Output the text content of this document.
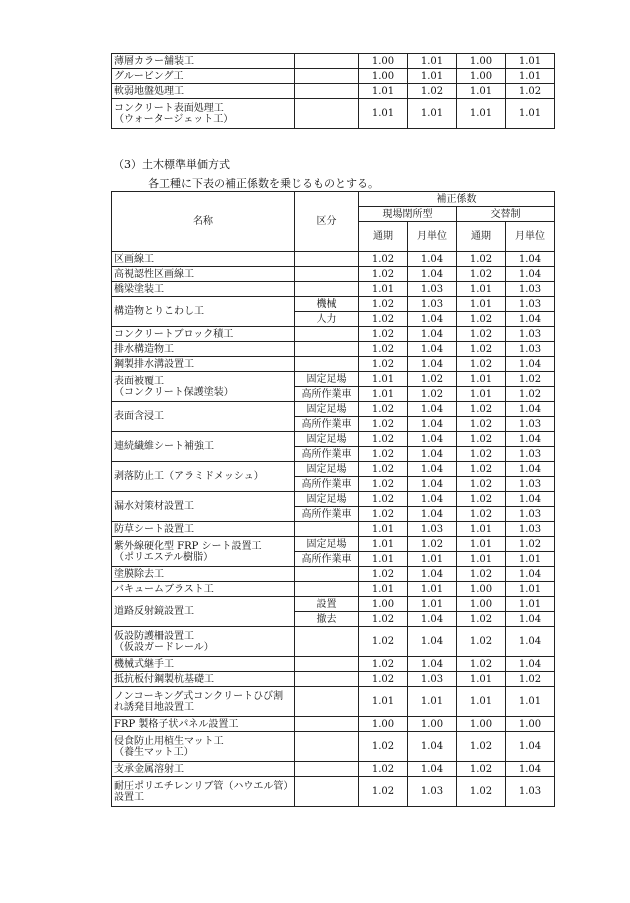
薄層カラー舗装工		1.00	1.01	1.00	1.01
グルービング工		1.00	1.01	1.00	1.01
軟弱地盤処理工		1.01	1.02	1.01	1.02
コンクリート表面処理工
（ウォータージェット工）		1.01	1.01	1.01	1.01
（3）土木標準単価方式
各工種に下表の補正係数を乗じるものとする。
名称	区分	補正係数			
		現場閉所型		交替制	
		通期	月単位	通期	月単位
区画線工		1.02	1.04	1.02	1.04
高視認性区画線工		1.02	1.04	1.02	1.04
橋梁塗装工		1.01	1.03	1.01	1.03
構造物とりこわし工	機械	1.02	1.03	1.01	1.03
	人力	1.02	1.04	1.02	1.04
コンクリートブロック積工		1.02	1.04	1.02	1.03
排水構造物工		1.02	1.04	1.02	1.03
鋼製排水溝設置工		1.02	1.04	1.02	1.04
表面被覆工
（コンクリート保護塗装）	固定足場	1.01	1.02	1.01	1.02
	高所作業車	1.01	1.02	1.01	1.02
表面含浸工	固定足場	1.02	1.04	1.02	1.04
	高所作業車	1.02	1.04	1.02	1.03
連続繊維シート補強工	固定足場	1.02	1.04	1.02	1.04
	高所作業車	1.02	1.04	1.02	1.03
剥落防止工（アラミドメッシュ）	固定足場	1.02	1.04	1.02	1.04
	高所作業車	1.02	1.04	1.02	1.03
漏水対策材設置工	固定足場	1.02	1.04	1.02	1.04
	高所作業車	1.02	1.04	1.02	1.03
防草シート設置工		1.01	1.03	1.01	1.03
紫外線硬化型 FRP シート設置工
（ポリエステル樹脂）	固定足場	1.01	1.02	1.01	1.02
	高所作業車	1.01	1.01	1.01	1.01
塗膜除去工		1.02	1.04	1.02	1.04
バキュームブラスト工		1.01	1.01	1.00	1.01
道路反射鏡設置工	設置	1.00	1.01	1.00	1.01
	撤去	1.02	1.04	1.02	1.04
仮設防護柵設置工
（仮設ガードレール）		1.02	1.04	1.02	1.04
機械式継手工		1.02	1.04	1.02	1.04
抵抗板付鋼製杭基礎工		1.02	1.03	1.01	1.02
ノンコーキング式コンクリートひび割れ誘発目地設置工		1.01	1.01	1.01	1.01
FRP 製格子状パネル設置工		1.00	1.00	1.00	1.00
侵食防止用植生マット工
（養生マット工）		1.02	1.04	1.02	1.04
支承金属溶射工		1.02	1.04	1.02	1.04
耐圧ポリエチレンリブ管（ハウエル管）設置工		1.02	1.03	1.02	1.03
